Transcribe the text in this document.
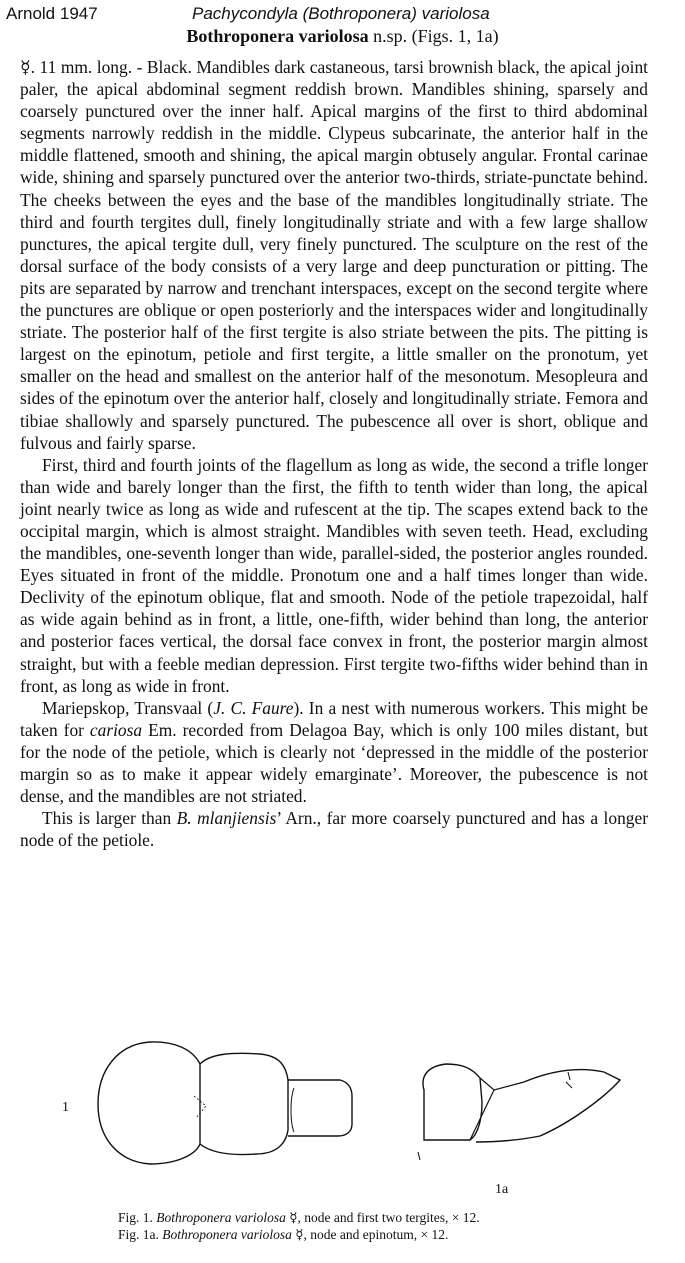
Arnold 1947	Pachycondyla (Bothroponera) variolosa
Bothroponera variolosa n.sp. (Figs. 1, 1a)

☿. 11 mm. long. - Black. Mandibles dark castaneous, tarsi brownish black, the apical joint paler, the apical abdominal segment reddish brown. Mandibles shining, sparsely and coarsely punctured over the inner half. Apical margins of the first to third abdominal segments narrowly reddish in the middle. Clypeus subcarinate, the anterior half in the middle flattened, smooth and shining, the apical margin obtusely angular. Frontal carinae wide, shining and sparsely punctured over the anterior two-thirds, striate-punctate behind. The cheeks between the eyes and the base of the mandibles longitudinally striate. The third and fourth tergites dull, finely longitudinally striate and with a few large shallow punctures, the apical tergite dull, very finely punctured. The sculpture on the rest of the dorsal surface of the body consists of a very large and deep puncturation or pitting. The pits are separated by narrow and trenchant interspaces, except on the second tergite where the punctures are oblique or open posteriorly and the interspaces wider and longitudinally striate. The posterior half of the first tergite is also striate between the pits. The pitting is largest on the epinotum, petiole and first tergite, a little smaller on the pronotum, yet smaller on the head and smallest on the anterior half of the mesonotum. Mesopleura and sides of the epinotum over the anterior half, closely and longitudinally striate. Femora and tibiae shallowly and sparsely punctured. The pubescence all over is short, oblique and fulvous and fairly sparse.

First, third and fourth joints of the flagellum as long as wide, the second a trifle longer than wide and barely longer than the first, the fifth to tenth wider than long, the apical joint nearly twice as long as wide and rufescent at the tip. The scapes extend back to the occipital margin, which is almost straight. Mandibles with seven teeth. Head, excluding the mandibles, one-seventh longer than wide, parallel-sided, the posterior angles rounded. Eyes situated in front of the middle. Pronotum one and a half times longer than wide. Declivity of the epinotum oblique, flat and smooth. Node of the petiole trapezoidal, half as wide again behind as in front, a little, one-fifth, wider behind than long, the anterior and posterior faces vertical, the dorsal face convex in front, the posterior margin almost straight, but with a feeble median depression. First tergite two-fifths wider behind than in front, as long as wide in front.

Mariepskop, Transvaal (J. C. Faure). In a nest with numerous workers. This might be taken for cariosa Em. recorded from Delagoa Bay, which is only 100 miles distant, but for the node of the petiole, which is clearly not ‘depressed in the middle of the posterior margin so as to make it appear widely emarginate’. Moreover, the pubescence is not dense, and the mandibles are not striated.

This is larger than B. mlanjiensis’ Arn., far more coarsely punctured and has a longer node of the petiole.

1
1a
Fig. 1. Bothroponera variolosa ☿, node and first two tergites, × 12.
Fig. 1a. Bothroponera variolosa ☿, node and epinotum, × 12.
